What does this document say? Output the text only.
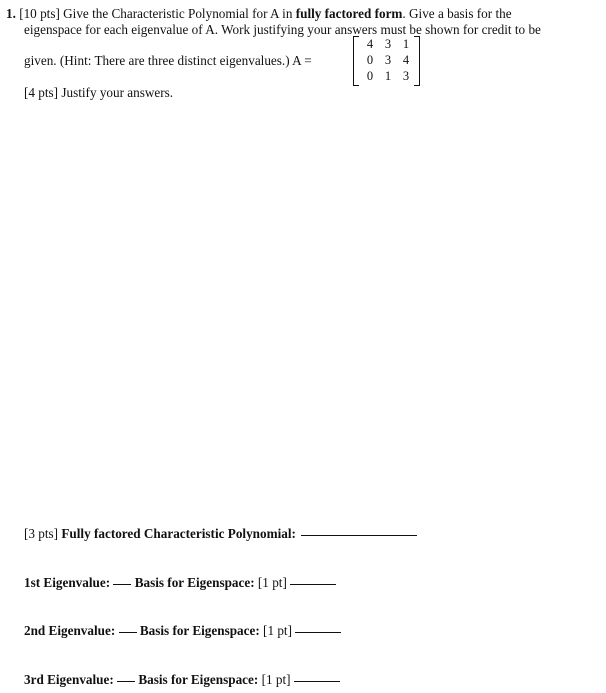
1. [10 pts] Give the Characteristic Polynomial for A in fully factored form. Give a basis for the
eigenspace for each eigenvalue of A. Work justifying your answers must be shown for credit to be
given. (Hint: There are three distinct eigenvalues.) A =
4 3 1
0 3 4
0 1 3
[4 pts] Justify your answers.
[3 pts] Fully factored Characteristic Polynomial:
1st Eigenvalue: Basis for Eigenspace: [1 pt]
2nd Eigenvalue: Basis for Eigenspace: [1 pt]
3rd Eigenvalue: Basis for Eigenspace: [1 pt]
